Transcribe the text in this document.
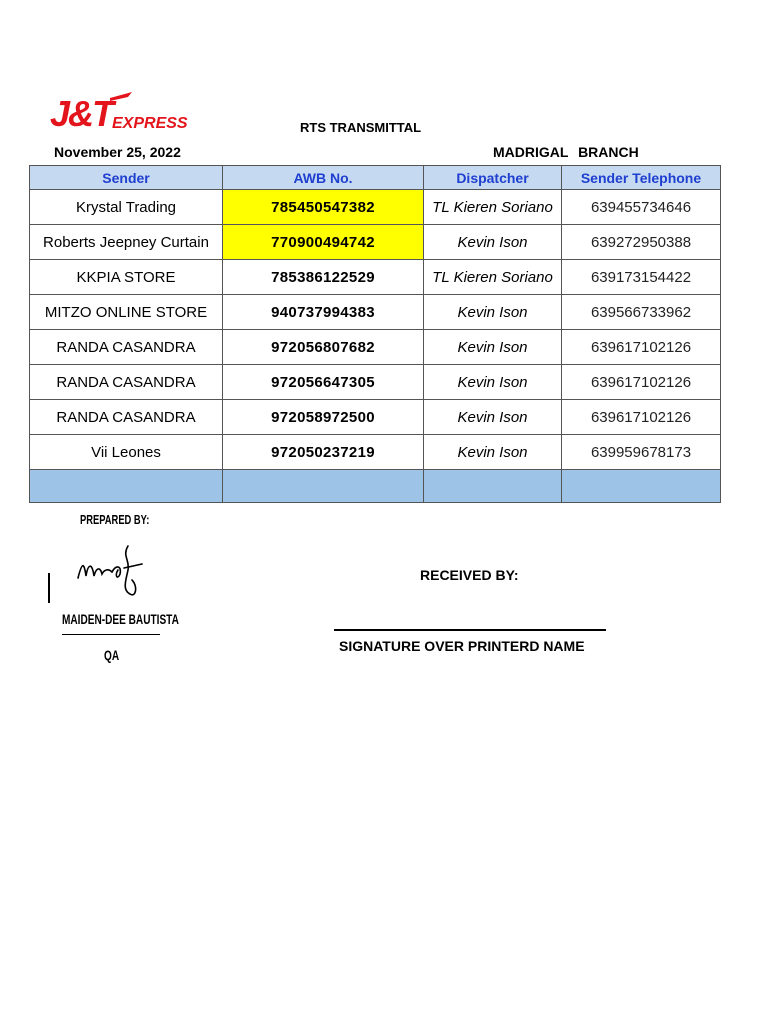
J&T EXPRESS	RTS TRANSMITTAL
November 25, 2022	MADRIGAL BRANCH
Sender	AWB No.	Dispatcher	Sender Telephone
Krystal Trading	785450547382	TL Kieren Soriano	639455734646
Roberts Jeepney Curtain	770900494742	Kevin Ison	639272950388
KKPIA STORE	785386122529	TL Kieren Soriano	639173154422
MITZO ONLINE STORE	940737994383	Kevin Ison	639566733962
RANDA CASANDRA	972056807682	Kevin Ison	639617102126
RANDA CASANDRA	972056647305	Kevin Ison	639617102126
RANDA CASANDRA	972058972500	Kevin Ison	639617102126
Vii Leones	972050237219	Kevin Ison	639959678173

PREPARED BY:
MAIDEN-DEE BAUTISTA
QA
RECEIVED BY:
SIGNATURE OVER PRINTERD NAME
